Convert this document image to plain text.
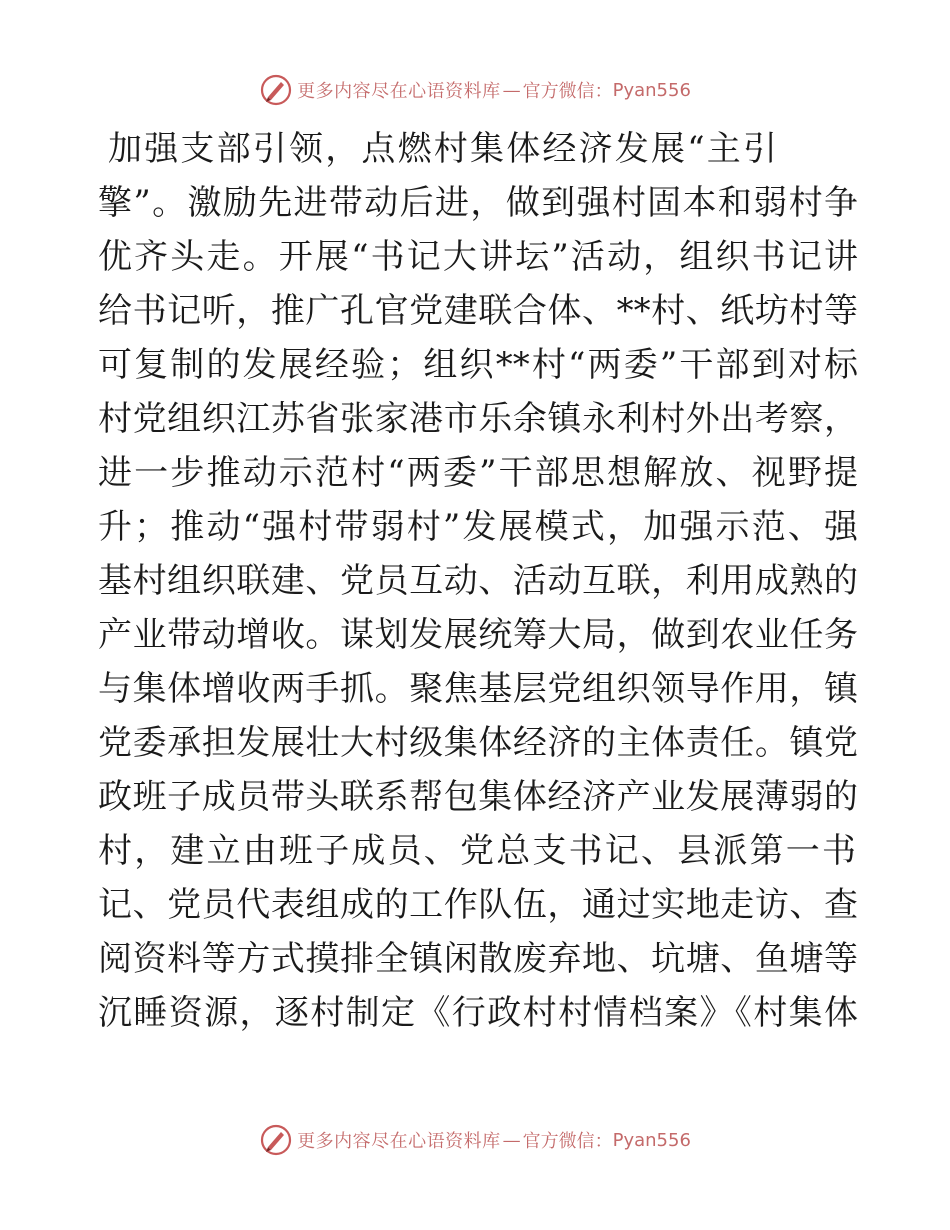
更多内容尽在心语资料库 — 官方微信： Pyan556
加强支部引领，点燃村集体经济发展“主引
擎”。激励先进带动后进，做到强村固本和弱村争
优齐头走。开展“书记大讲坛”活动，组织书记讲
给书记听，推广孔官党建联合体、**村、纸坊村等
可复制的发展经验；组织**村“两委”干部到对标
村党组织江苏省张家港市乐余镇永利村外出考察，
进一步推动示范村“两委”干部思想解放、视野提
升；推动“强村带弱村”发展模式，加强示范、强
基村组织联建、党员互动、活动互联，利用成熟的
产业带动增收。谋划发展统筹大局，做到农业任务
与集体增收两手抓。聚焦基层党组织领导作用，镇
党委承担发展壮大村级集体经济的主体责任。镇党
政班子成员带头联系帮包集体经济产业发展薄弱的
村，建立由班子成员、党总支书记、县派第一书
记、党员代表组成的工作队伍，通过实地走访、查
阅资料等方式摸排全镇闲散废弃地、坑塘、鱼塘等
沉睡资源，逐村制定《行政村村情档案》《村集体
更多内容尽在心语资料库 — 官方微信： Pyan556
